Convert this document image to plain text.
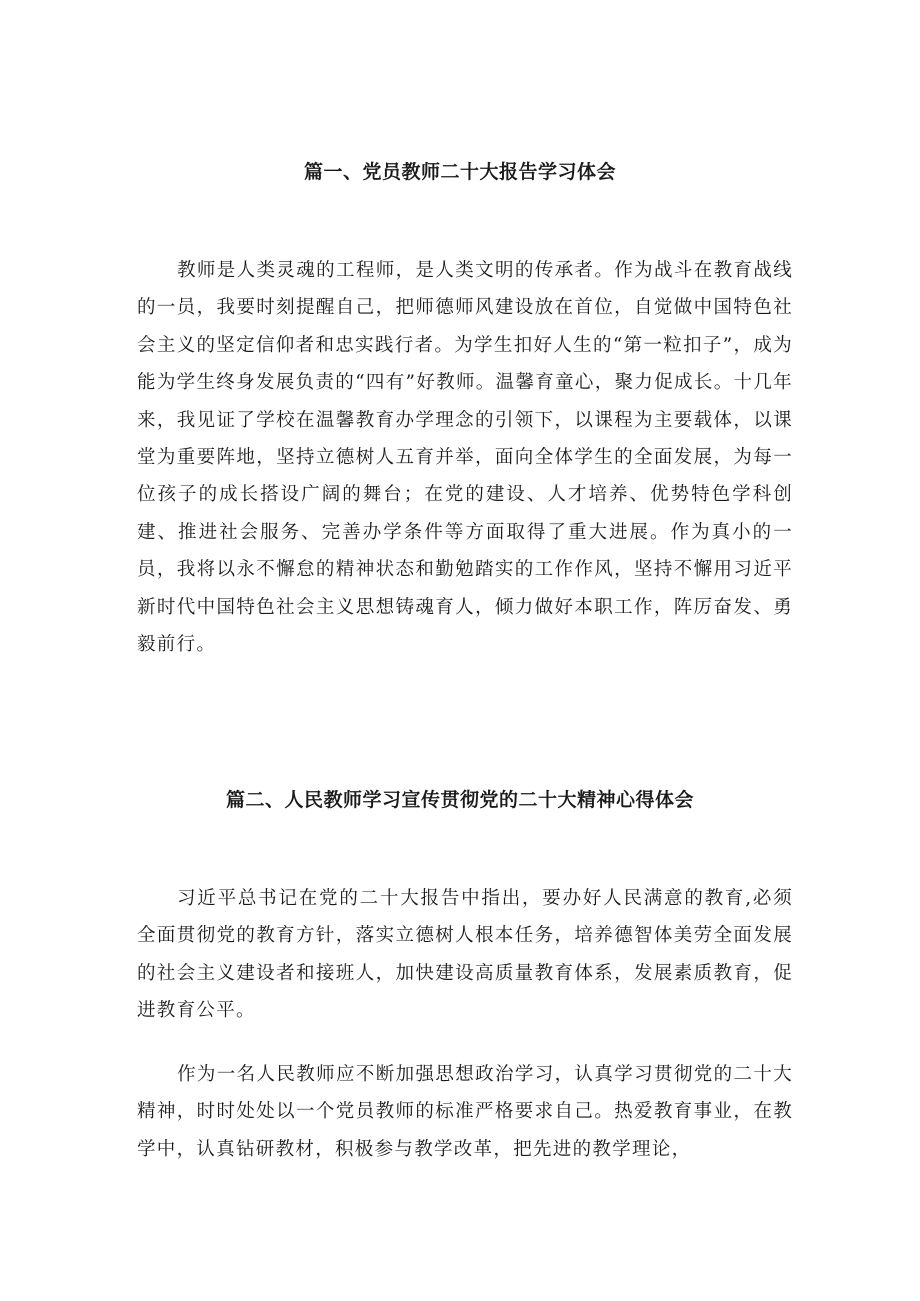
篇一、党员教师二十大报告学习体会

教师是人类灵魂的工程师，是人类文明的传承者。作为战斗在教育战线的一员，我要时刻提醒自己，把师德师风建设放在首位，自觉做中国特色社会主义的坚定信仰者和忠实践行者。为学生扣好人生的“第一粒扣子”，成为能为学生终身发展负责的“四有”好教师。温馨育童心，聚力促成长。十几年来，我见证了学校在温馨教育办学理念的引领下，以课程为主要载体，以课堂为重要阵地，坚持立德树人五育并举，面向全体学生的全面发展，为每一位孩子的成长搭设广阔的舞台；在党的建设、人才培养、优势特色学科创建、推进社会服务、完善办学条件等方面取得了重大进展。作为真小的一员，我将以永不懈怠的精神状态和勤勉踏实的工作作风，坚持不懈用习近平新时代中国特色社会主义思想铸魂育人，倾力做好本职工作，阵厉奋发、勇毅前行。

篇二、人民教师学习宣传贯彻党的二十大精神心得体会

习近平总书记在党的二十大报告中指出，要办好人民满意的教育,必须全面贯彻党的教育方针，落实立德树人根本任务，培养德智体美劳全面发展的社会主义建设者和接班人，加快建设高质量教育体系，发展素质教育，促进教育公平。

作为一名人民教师应不断加强思想政治学习，认真学习贯彻党的二十大精神，时时处处以一个党员教师的标准严格要求自己。热爱教育事业，在教学中，认真钻研教材，积极参与教学改革，把先进的教学理论，
